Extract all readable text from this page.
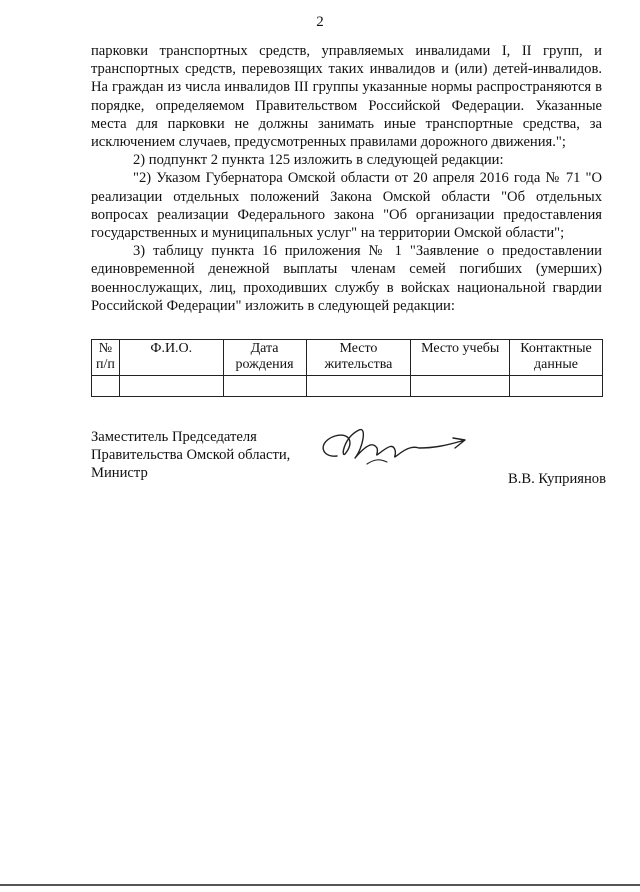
2

парковки транспортных средств, управляемых инвалидами I, II групп, и транспортных средств, перевозящих таких инвалидов и (или) детей-инвалидов. На граждан из числа инвалидов III группы указанные нормы распространяются в порядке, определяемом Правительством Российской Федерации. Указанные места для парковки не должны занимать иные транспортные средства, за исключением случаев, предусмотренных правилами дорожного движения.";

2) подпункт 2 пункта 125 изложить в следующей редакции:

"2) Указом Губернатора Омской области от 20 апреля 2016 года № 71 "О реализации отдельных положений Закона Омской области "Об отдельных вопросах реализации Федерального закона "Об организации предоставления государственных и муниципальных услуг" на территории Омской области";

3) таблицу пункта 16 приложения № 1 "Заявление о предоставлении единовременной денежной выплаты членам семей погибших (умерших) военнослужащих, лиц, проходивших службу в войсках национальной гвардии Российской Федерации" изложить в следующей редакции:

№ п/п	Ф.И.О.	Дата рождения	Место жительства	Место учебы	Контактные данные

Заместитель Председателя
Правительства Омской области,
Министр	В.В. Куприянов
